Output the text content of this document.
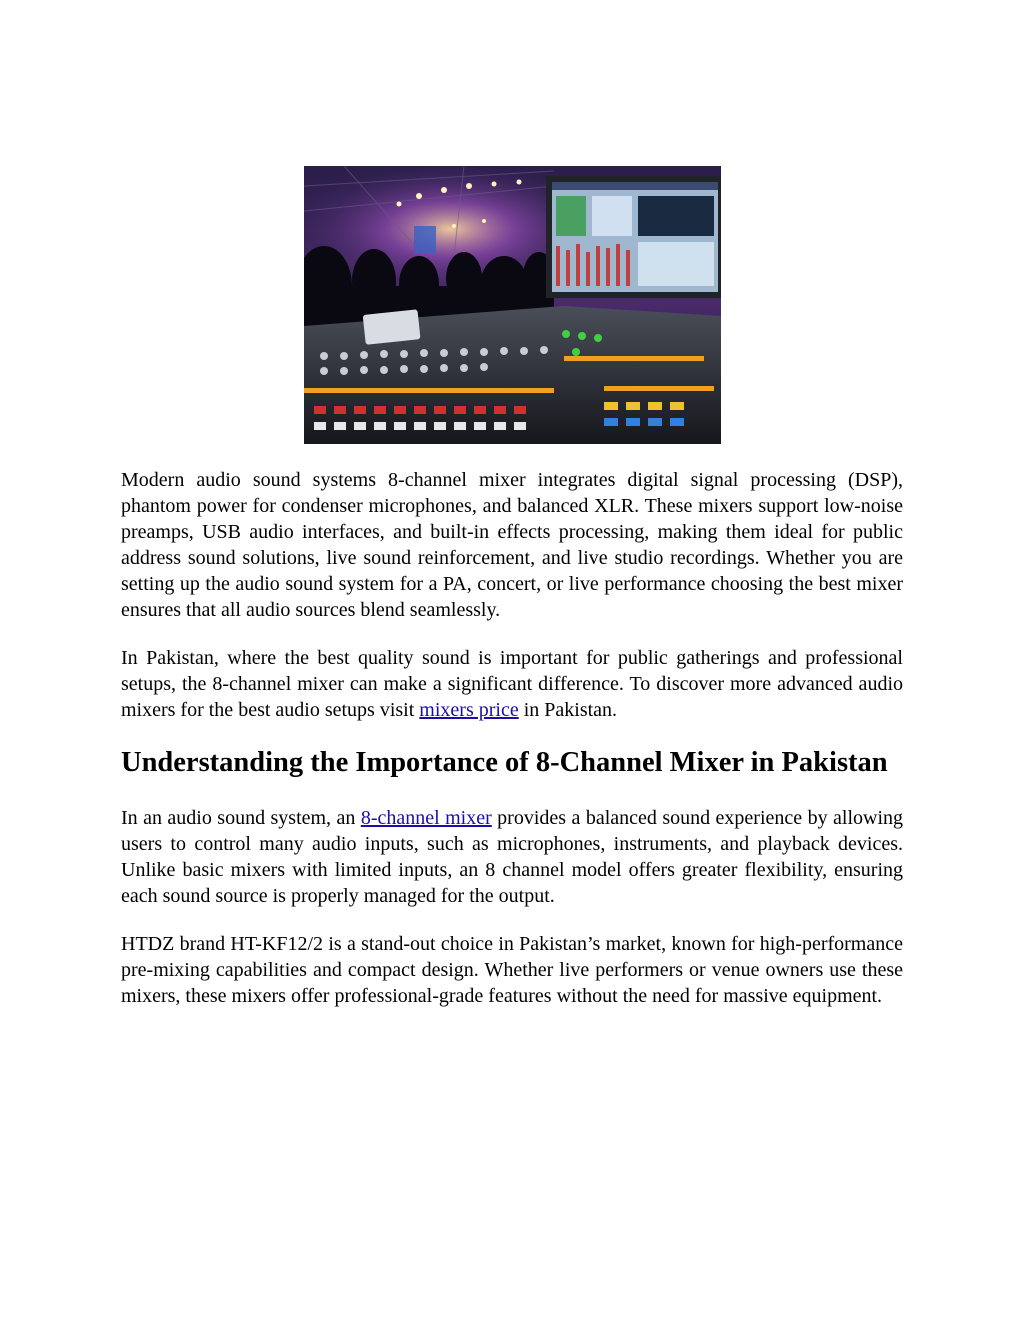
Modern audio sound systems 8-channel mixer integrates digital signal processing (DSP), phantom power for condenser microphones, and balanced XLR. These mixers support low-noise preamps, USB audio interfaces, and built-in effects processing, making them ideal for public address sound solutions, live sound reinforcement, and live studio recordings. Whether you are setting up the audio sound system for a PA, concert, or live performance choosing the best mixer ensures that all audio sources blend seamlessly.

In Pakistan, where the best quality sound is important for public gatherings and professional setups, the 8-channel mixer can make a significant difference. To discover more advanced audio mixers for the best audio setups visit mixers price in Pakistan.

Understanding the Importance of 8-Channel Mixer in Pakistan

In an audio sound system, an 8-channel mixer provides a balanced sound experience by allowing users to control many audio inputs, such as microphones, instruments, and playback devices. Unlike basic mixers with limited inputs, an 8 channel model offers greater flexibility, ensuring each sound source is properly managed for the output.

HTDZ brand HT-KF12/2 is a stand-out choice in Pakistan’s market, known for high-performance pre-mixing capabilities and compact design. Whether live performers or venue owners use these mixers, these mixers offer professional-grade features without the need for massive equipment.
